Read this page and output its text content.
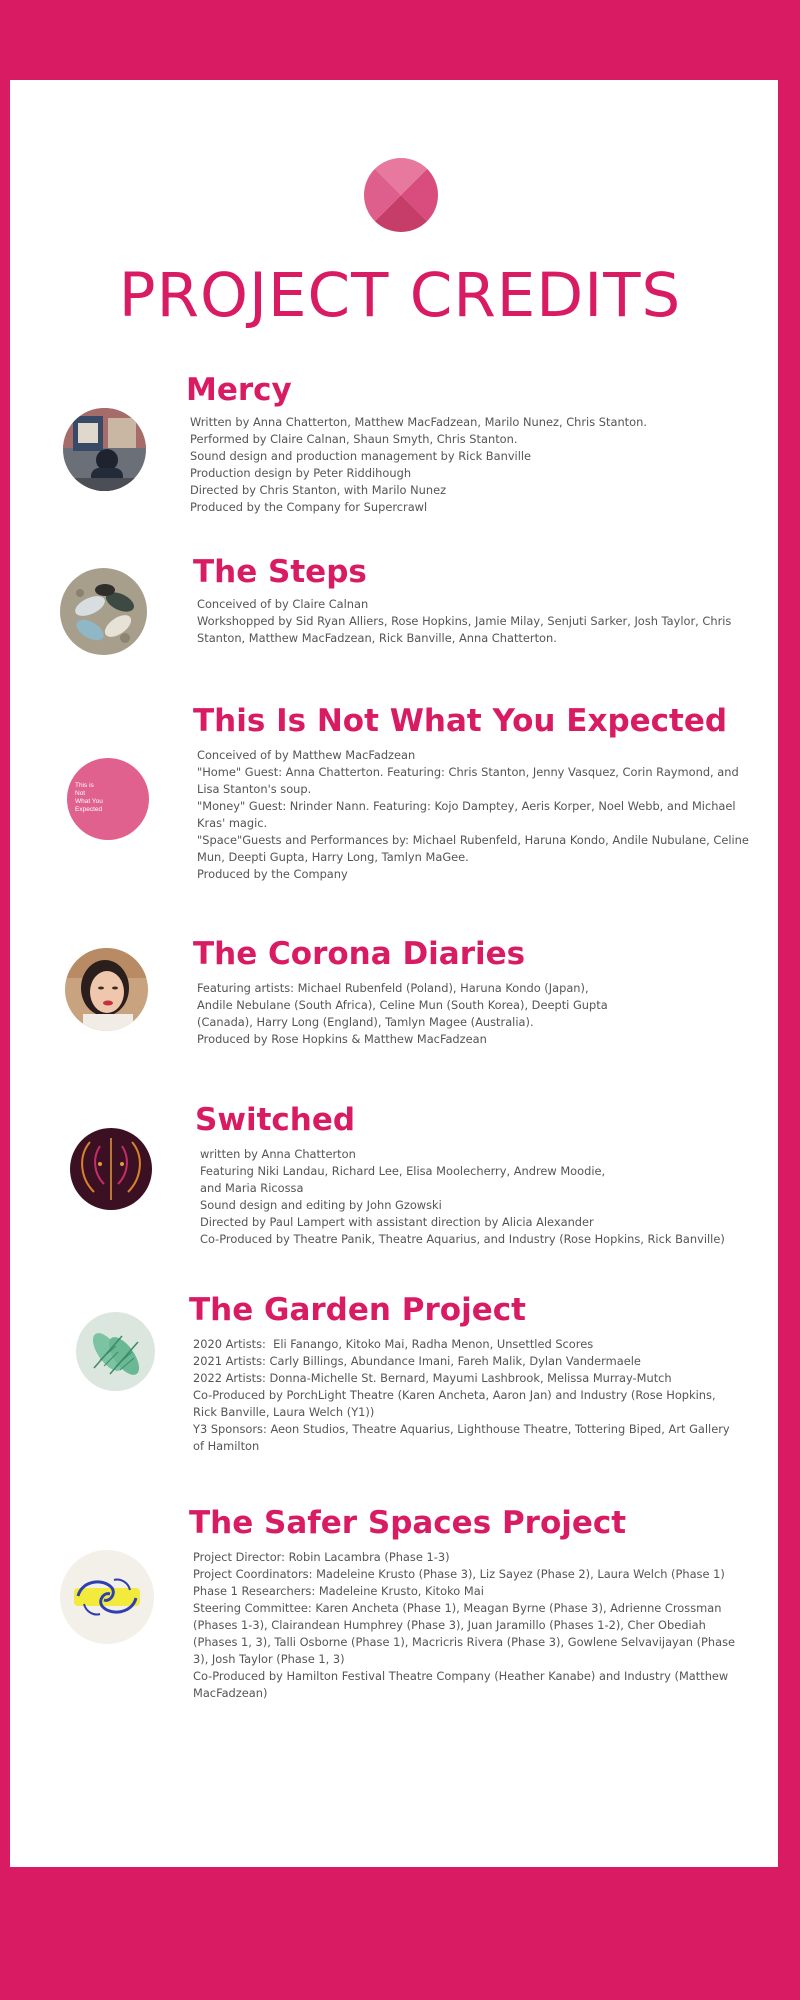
PROJECT CREDITS
Mercy
Written by Anna Chatterton, Matthew MacFadzean, Marilo Nunez, Chris Stanton.
Performed by Claire Calnan, Shaun Smyth, Chris Stanton.
Sound design and production management by Rick Banville
Production design by Peter Riddihough
Directed by Chris Stanton, with Marilo Nunez
Produced by the Company for Supercrawl
The Steps
Conceived of by Claire Calnan
Workshopped by Sid Ryan Alliers, Rose Hopkins, Jamie Milay, Senjuti Sarker, Josh Taylor, Chris Stanton, Matthew MacFadzean, Rick Banville, Anna Chatterton.
This is
Not
What You
Expected
This Is Not What You Expected
Conceived of by Matthew MacFadzean
"Home" Guest: Anna Chatterton. Featuring: Chris Stanton, Jenny Vasquez, Corin Raymond, and Lisa Stanton's soup.
"Money" Guest: Nrinder Nann. Featuring: Kojo Damptey, Aeris Korper, Noel Webb, and Michael Kras' magic.
"Space"Guests and Performances by: Michael Rubenfeld, Haruna Kondo, Andile Nubulane, Celine Mun, Deepti Gupta, Harry Long, Tamlyn MaGee.
Produced by the Company
The Corona Diaries
Featuring artists: Michael Rubenfeld (Poland), Haruna Kondo (Japan),
Andile Nebulane (South Africa), Celine Mun (South Korea), Deepti Gupta
(Canada), Harry Long (England), Tamlyn Magee (Australia).
Produced by Rose Hopkins & Matthew MacFadzean
Switched
written by Anna Chatterton
Featuring Niki Landau, Richard Lee, Elisa Moolecherry, Andrew Moodie,
and Maria Ricossa
Sound design and editing by John Gzowski
Directed by Paul Lampert with assistant direction by Alicia Alexander
Co-Produced by Theatre Panik, Theatre Aquarius, and Industry (Rose Hopkins, Rick Banville)
The Garden Project
2020 Artists:  Eli Fanango, Kitoko Mai, Radha Menon, Unsettled Scores
2021 Artists: Carly Billings, Abundance Imani, Fareh Malik, Dylan Vandermaele
2022 Artists: Donna-Michelle St. Bernard, Mayumi Lashbrook, Melissa Murray-Mutch
Co-Produced by PorchLight Theatre (Karen Ancheta, Aaron Jan) and Industry (Rose Hopkins, Rick Banville, Laura Welch (Y1))
Y3 Sponsors: Aeon Studios, Theatre Aquarius, Lighthouse Theatre, Tottering Biped, Art Gallery of Hamilton
The Safer Spaces Project
Project Director: Robin Lacambra (Phase 1-3)
Project Coordinators: Madeleine Krusto (Phase 3), Liz Sayez (Phase 2), Laura Welch (Phase 1)
Phase 1 Researchers: Madeleine Krusto, Kitoko Mai
Steering Committee: Karen Ancheta (Phase 1), Meagan Byrne (Phase 3), Adrienne Crossman (Phases 1-3), Clairandean Humphrey (Phase 3), Juan Jaramillo (Phases 1-2), Cher Obediah (Phases 1, 3), Talli Osborne (Phase 1), Macricris Rivera (Phase 3), Gowlene Selvavijayan (Phase 3), Josh Taylor (Phase 1, 3)
Co-Produced by Hamilton Festival Theatre Company (Heather Kanabe) and Industry (Matthew MacFadzean)
